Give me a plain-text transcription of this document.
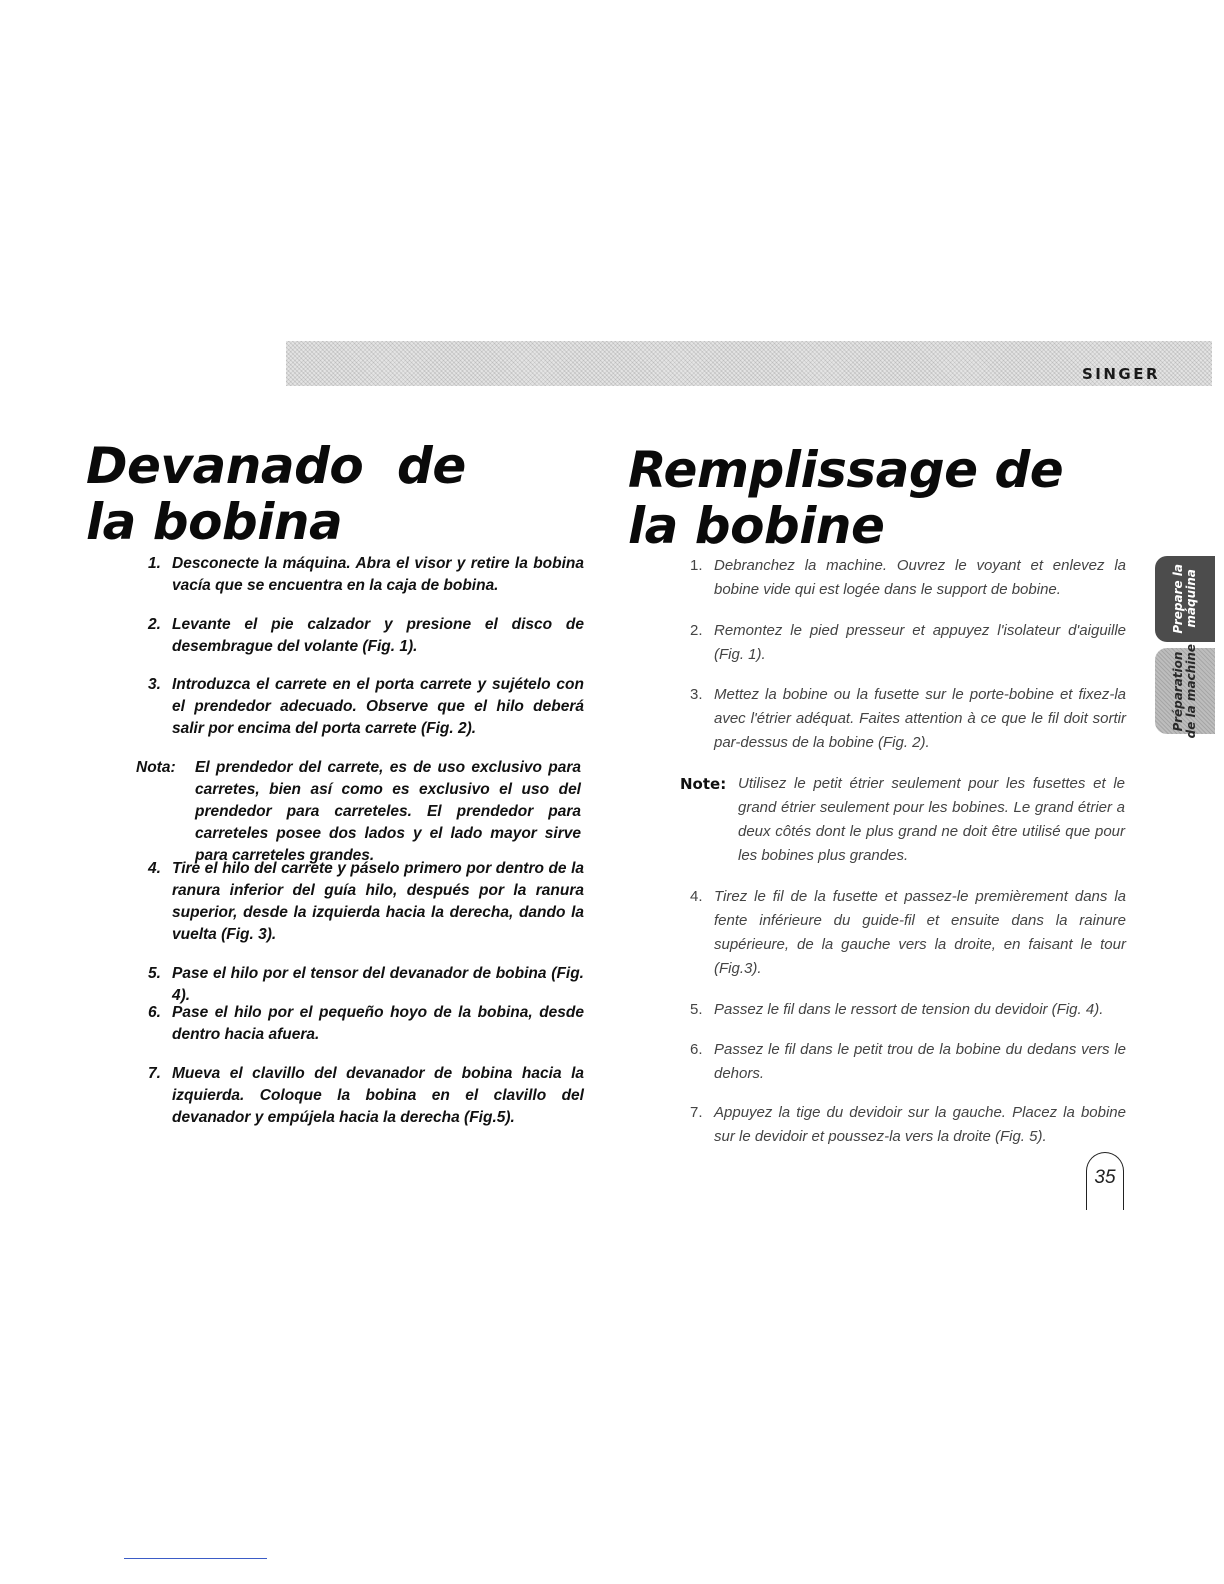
SINGER
Devanado  de
la bobina
Remplissage de
la bobine
1. Desconecte la máquina. Abra el visor y retire la bobina vacía que se encuentra en la caja de bobina.
2. Levante el pie calzador y presione el disco de desembrague del volante (Fig. 1).
3. Introduzca el carrete en el porta carrete y sujételo con el prendedor adecuado. Observe que el hilo deberá salir por encima del porta carrete (Fig. 2).
Nota: El prendedor del carrete, es de uso exclusivo para carretes, bien así como es exclusivo el uso del prendedor para carreteles. El prendedor para carreteles posee dos lados y el lado mayor sirve para carreteles grandes.
4. Tire el hilo del carrete y páselo primero por dentro de la ranura inferior del guía hilo, después por la ranura superior, desde la izquierda hacia la derecha, dando la vuelta (Fig. 3).
5. Pase el hilo por el tensor del devanador de bobina (Fig. 4).
6. Pase el hilo por el pequeño hoyo de la bobina, desde dentro hacia afuera.
7. Mueva el clavillo del devanador de bobina hacia la izquierda. Coloque la bobina en el clavillo del devanador y empújela hacia la derecha (Fig.5).
1. Debranchez la machine. Ouvrez le voyant et enlevez la bobine vide qui est logée dans le support de bobine.
2. Remontez le pied presseur et appuyez l'isolateur d'aiguille (Fig. 1).
3. Mettez la bobine ou la fusette sur le porte-bobine et fixez-la avec l'étrier adéquat. Faites attention à ce que le fil doit sortir par-dessus de la bobine (Fig. 2).
Note: Utilisez le petit étrier seulement pour les fusettes et le grand étrier seulement pour les bobines. Le grand étrier a deux côtés dont le plus grand ne doit être utilisé que pour les bobines plus grandes.
4. Tirez le fil de la fusette et passez-le premièrement dans la fente inférieure du guide-fil et ensuite dans la rainure supérieure, de la gauche vers la droite, en faisant le tour (Fig.3).
5. Passez le fil dans le ressort de tension du devidoir (Fig. 4).
6. Passez le fil dans le petit trou de la bobine du dedans vers le dehors.
7. Appuyez la tige du devidoir sur la gauche. Placez la bobine sur le devidoir et poussez-la vers la droite (Fig. 5).
Prepare la máquina
Préparation de la machine
35
